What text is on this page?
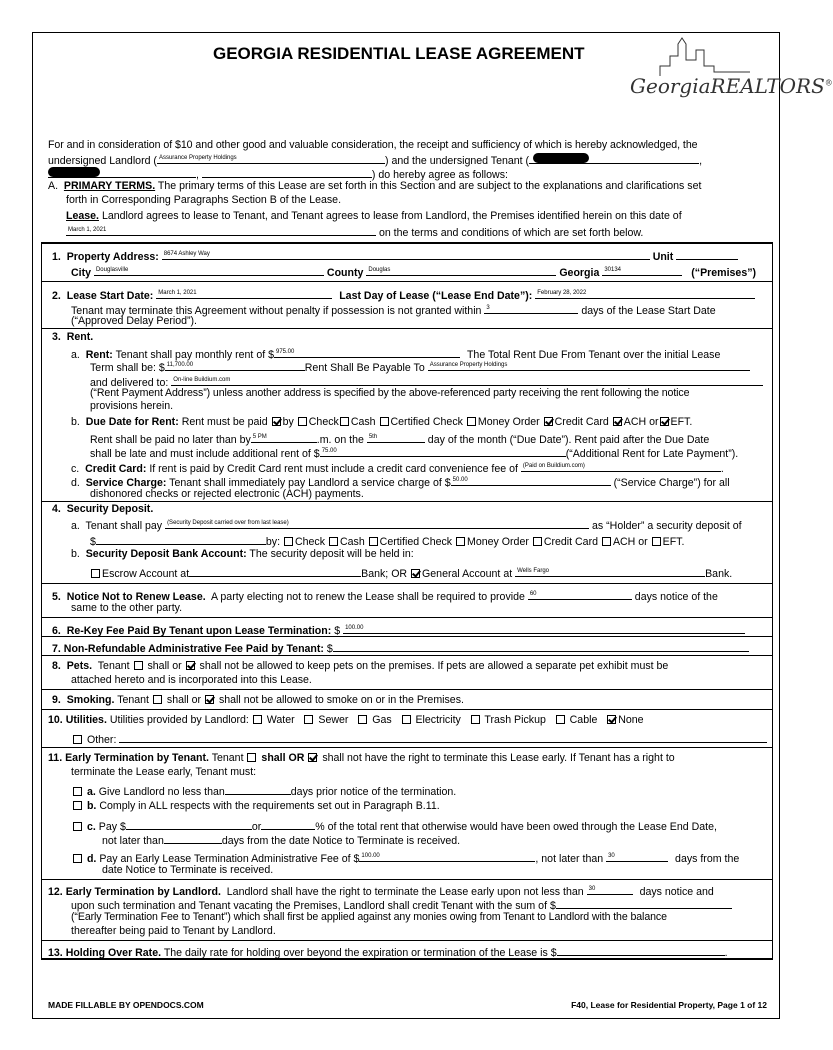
GEORGIA RESIDENTIAL LEASE AGREEMENT
GeorgiaREALTORS®
For and in consideration of $10 and other good and valuable consideration, the receipt and sufficiency of which is hereby acknowledged, the
undersigned Landlord ( Assurance Property Holdings	) and the undersigned Tenant (	,
,	) do hereby agree as follows:
A. PRIMARY TERMS. The primary terms of this Lease are set forth in this Section and are subject to the explanations and clarifications set
forth in Corresponding Paragraphs Section B of the Lease.
Lease. Landlord agrees to lease to Tenant, and Tenant agrees to lease from Landlord, the Premises identified herein on this date of
March 1, 2021	on the terms and conditions of which are set forth below.
1. Property Address: 8674 Ashley Way	Unit
City Douglasville	County Douglas	Georgia 30134	(“Premises”)
2. Lease Start Date: March 1, 2021	Last Day of Lease (“Lease End Date”): February 28, 2022
Tenant may terminate this Agreement without penalty if possession is not granted within 3	days of the Lease Start Date
(“Approved Delay Period”).
3. Rent.
a. Rent: Tenant shall pay monthly rent of $ 975.00	The Total Rent Due From Tenant over the initial Lease
Term shall be: $ 11,700.00	Rent Shall Be Payable To Assurance Property Holdings
and delivered to: On-line Buildium.com
(“Rent Payment Address”) unless another address is specified by the above-referenced party receiving the rent following the notice
provisions herein.
b. Due Date for Rent: Rent must be paid by Check Cash Certified Check Money Order Credit Card ACH or EFT.
Rent shall be paid no later than by 5 PM	.m. on the 5th	day of the month (“Due Date”). Rent paid after the Due Date
shall be late and must include additional rent of $ 75.00	(“Additional Rent for Late Payment”).
c. Credit Card: If rent is paid by Credit Card rent must include a credit card convenience fee of (Paid on Buildium.com)	.
d. Service Charge: Tenant shall immediately pay Landlord a service charge of $ 50.00	(“Service Charge”) for all
dishonored checks or rejected electronic (ACH) payments.
4. Security Deposit.
a. Tenant shall pay (Security Deposit carried over from last lease)	as “Holder” a security deposit of
$	by: Check Cash Certified Check Money Order Credit Card ACH or EFT.
b. Security Deposit Bank Account: The security deposit will be held in:
Escrow Account at	Bank; OR General Account at Wells Fargo	Bank.
5. Notice Not to Renew Lease. A party electing not to renew the Lease shall be required to provide 60	days notice of the
same to the other party.
6. Re-Key Fee Paid By Tenant upon Lease Termination: $ 100.00
7. Non-Refundable Administrative Fee Paid by Tenant: $
8. Pets. Tenant shall or shall not be allowed to keep pets on the premises. If pets are allowed a separate pet exhibit must be
attached hereto and is incorporated into this Lease.
9. Smoking. Tenant shall or shall not be allowed to smoke on or in the Premises.
10. Utilities. Utilities provided by Landlord: Water Sewer Gas Electricity Trash Pickup Cable None
Other:
11. Early Termination by Tenant. Tenant shall OR shall not have the right to terminate this Lease early. If Tenant has a right to
terminate the Lease early, Tenant must:
a. Give Landlord no less than	days prior notice of the termination.
b. Comply in ALL respects with the requirements set out in Paragraph B.11.
c. Pay $	or	% of the total rent that otherwise would have been owed through the Lease End Date,
not later than	days from the date Notice to Terminate is received.
d. Pay an Early Lease Termination Administrative Fee of $ 100.00	, not later than 30	days from the
date Notice to Terminate is received.
12. Early Termination by Landlord. Landlord shall have the right to terminate the Lease early upon not less than 30	days notice and
upon such termination and Tenant vacating the Premises, Landlord shall credit Tenant with the sum of $
(“Early Termination Fee to Tenant”) which shall first be applied against any monies owing from Tenant to Landlord with the balance
thereafter being paid to Tenant by Landlord.
13. Holding Over Rate. The daily rate for holding over beyond the expiration or termination of the Lease is $	.
MADE FILLABLE BY OPENDOCS.COM	F40, Lease for Residential Property, Page 1 of 12
